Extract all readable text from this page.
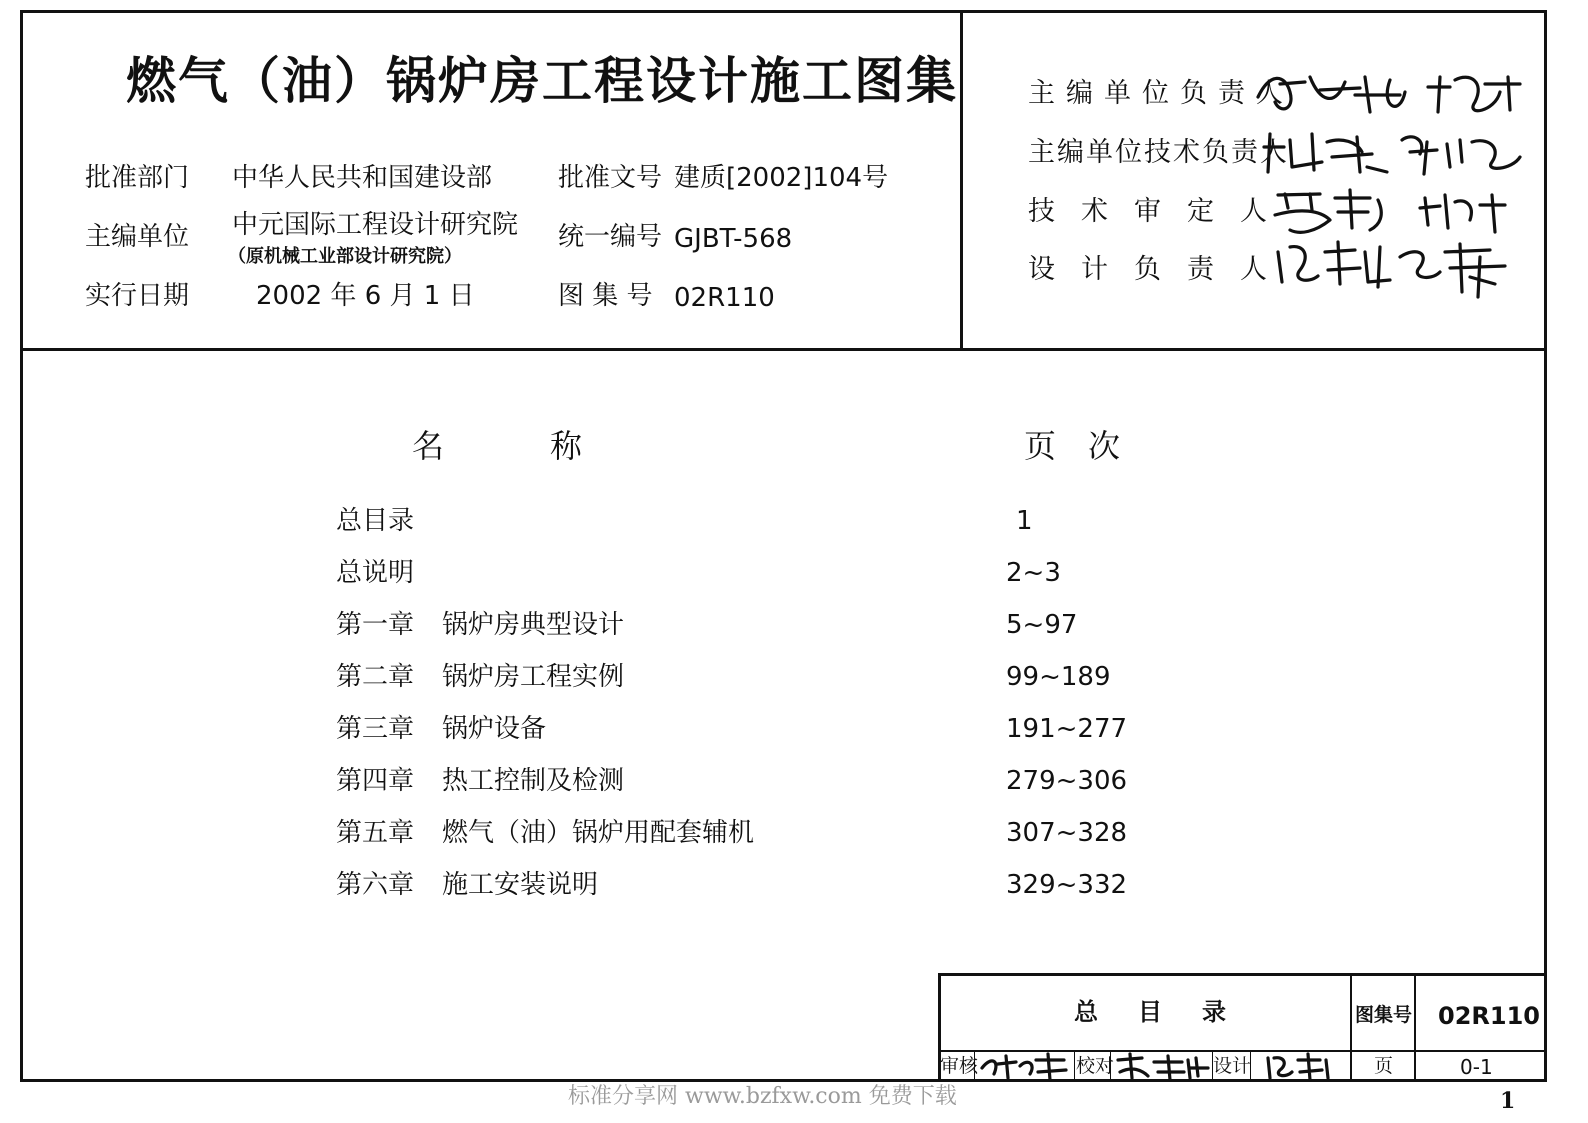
燃气（油）锅炉房工程设计施工图集
批准部门 中华人民共和国建设部
主编单位 中元国际工程设计研究院
（原机械工业部设计研究院）
实行日期	2002 年 6 月 1 日
批准文号 建质[2002]104号
统一编号 GJBT-568
图 集 号 02R110
主编单位负责人
主编单位技术负责人
技术审定人
设计负责人
名　　称	页　次
总目录	1
总说明	2~3
第一章 锅炉房典型设计	5~97
第二章 锅炉房工程实例	99~189
第三章 锅炉设备	191~277
第四章 热工控制及检测	279~306
第五章 燃气（油）锅炉用配套辅机	307~328
第六章 施工安装说明	329~332
总　目　录	图集号 02R110
审核	校对	设计	页	0-1
标准分享网 www.bzfxw.com 免费下载	1
